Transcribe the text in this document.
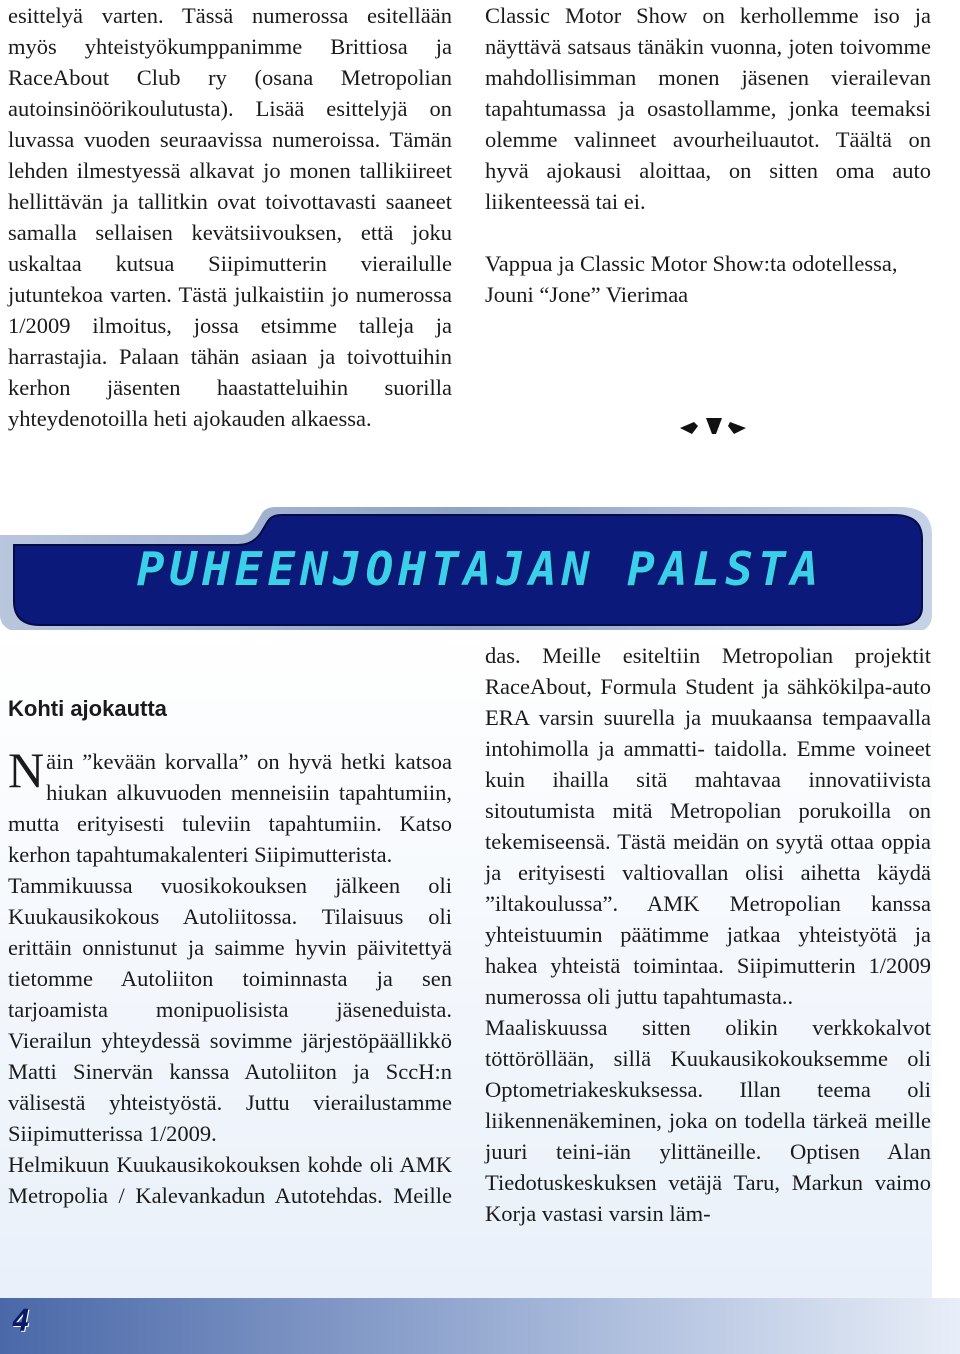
esittelyä varten. Tässä numerossa esitellään myös yhteistyökumppanimme Brittiosa ja RaceAbout Club ry (osana Metropolian autoinsinöörikoulutusta). Lisää esittelyjä on luvassa vuoden seuraavissa numeroissa. Tämän lehden ilmestyessä alkavat jo monen tallikiireet hellittävän ja tallitkin ovat toivottavasti saaneet samalla sellaisen kevätsiivouksen, että joku uskaltaa kutsua Siipimutterin vierailulle jutuntekoa varten. Tästä julkaistiin jo numerossa 1/2009 ilmoitus, jossa etsimme talleja ja harrastajia. Palaan tähän asiaan ja toivottuihin kerhon jäsenten haastatteluihin suorilla yhteydenotoilla heti ajokauden alkaessa.

Classic Motor Show on kerhollemme iso ja näyttävä satsaus tänäkin vuonna, joten toivomme mahdollisimman monen jäsenen vierailevan tapahtumassa ja osastollamme, jonka teemaksi olemme valinneet avourheiluautot. Täältä on hyvä ajokausi aloittaa, on sitten oma auto liikenteessä tai ei.

Vappua ja Classic Motor Show:ta odotellessa,

Jouni “Jone” Vierimaa

PUHEENJOHTAJAN PALSTA

Kohti ajokautta

Näin ”kevään korvalla” on hyvä hetki katsoa hiukan alkuvuoden menneisiin tapahtumiin, mutta erityisesti tuleviin tapahtumiin. Katso kerhon tapahtumakalenteri Siipimutterista.

Tammikuussa vuosikokouksen jälkeen oli Kuukausikokous Autoliitossa. Tilaisuus oli erittäin onnistunut ja saimme hyvin päivitettyä tietomme Autoliiton toiminnasta ja sen tarjoamista monipuolisista jäseneduista. Vierailun yhteydessä sovimme järjestöpäällikkö Matti Sinervän kanssa Autoliiton ja SccH:n välisestä yhteistyöstä. Juttu vierailustamme Siipimutterissa 1/2009.

Helmikuun Kuukausikokouksen kohde oli AMK Metropolia / Kalevankadun Autotehdas. Meille

das. Meille esiteltiin Metropolian projektit RaceAbout, Formula Student ja sähkökilpa-auto ERA varsin suurella ja muukaansa tempaavalla intohimolla ja ammatti- taidolla. Emme voineet kuin ihailla sitä mahtavaa innovatiivista sitoutumista mitä Metropolian porukoilla on tekemiseensä. Tästä meidän on syytä ottaa oppia ja erityisesti valtiovallan olisi aihetta käydä ”iltakoulussa”. AMK Metropolian kanssa yhteistuumin päätimme jatkaa yhteistyötä ja hakea yhteistä toimintaa. Siipimutterin 1/2009 numerossa oli juttu tapahtumasta..

Maaliskuussa sitten olikin verkkokalvot töttöröllään, sillä Kuukausikokouksemme oli Optometriakeskuksessa. Illan teema oli liikennenäkeminen, joka on todella tärkeä meille juuri teini-iän ylittäneille. Optisen Alan Tiedotuskeskuksen vetäjä Taru, Markun vaimo Korja vastasi varsin läm-

4
